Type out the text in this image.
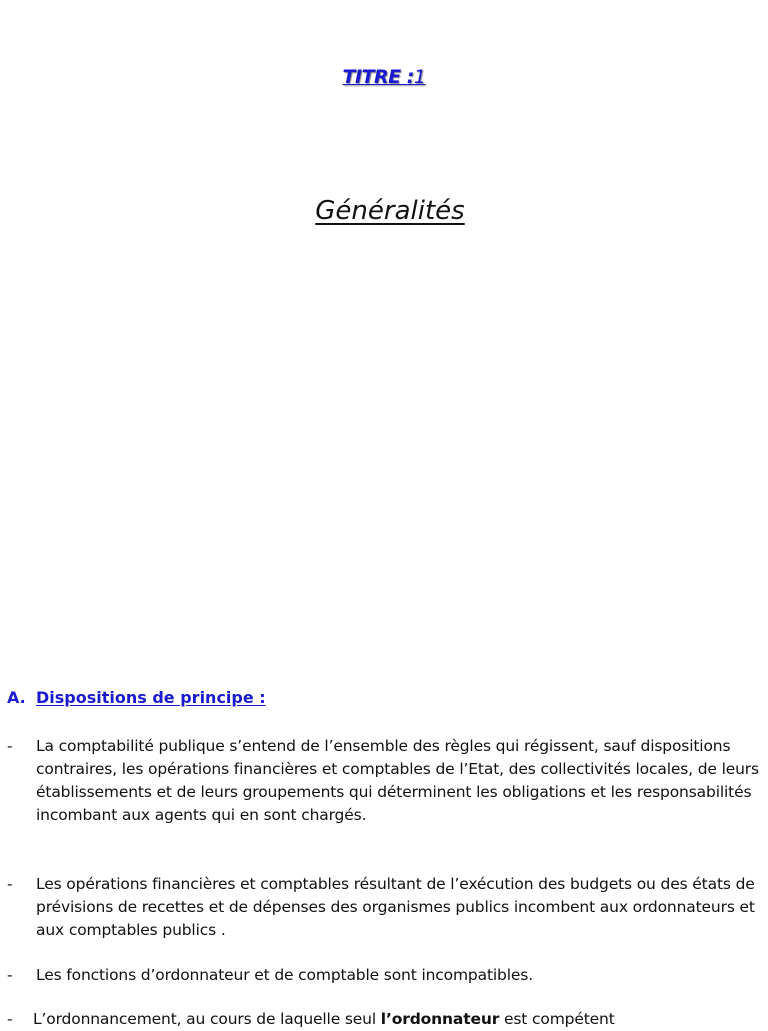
TITRE :1
Généralités
A. Dispositions de principe :
- La comptabilité publique s’entend de l’ensemble des règles qui régissent, sauf dispositions contraires, les opérations financières et comptables de l’Etat, des collectivités locales, de leurs établissements et de leurs groupements qui déterminent les obligations et les responsabilités incombant aux agents qui en sont chargés.
- Les opérations financières et comptables résultant de l’exécution des budgets ou des états de prévisions de recettes et de dépenses des organismes publics incombent aux ordonnateurs et aux comptables publics .
- Les fonctions d’ordonnateur et de comptable sont incompatibles.
- L’ordonnancement, au cours de laquelle seul l’ordonnateur est compétent
